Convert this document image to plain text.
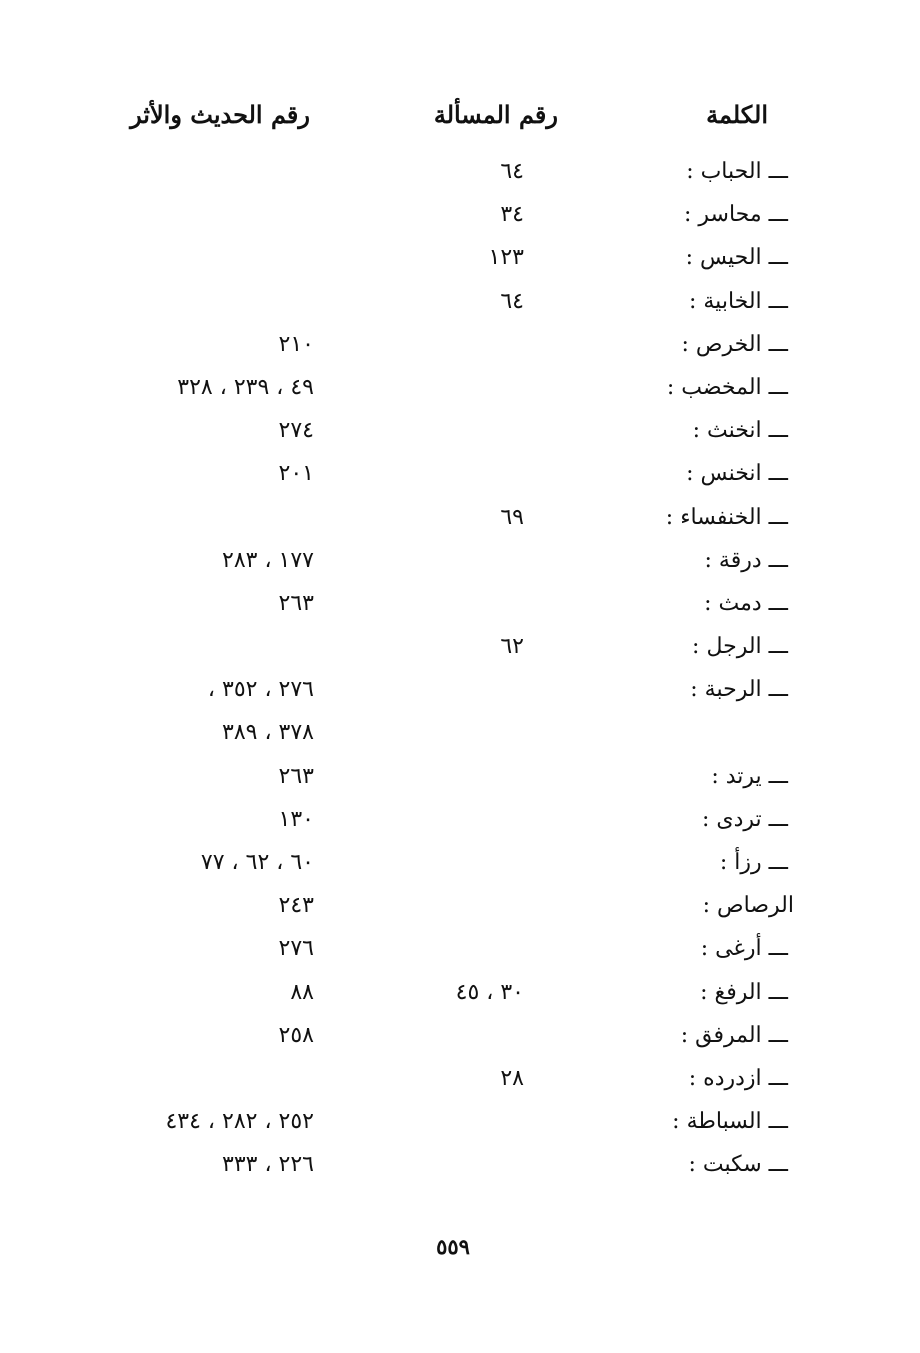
الكلمة
رقم المسألة
رقم الحديث والأثر
ـــ الحباب :
٦٤
ـــ محاسر :
٣٤
ـــ الحيس :
١٢٣
ـــ الخابية :
٦٤
ـــ الخرص :
٢١٠
ـــ المخضب :
٤٩ ، ٢٣٩ ، ٣٢٨
ـــ انخنث :
٢٧٤
ـــ انخنس :
٢٠١
ـــ الخنفساء :
٦٩
ـــ درقة :
١٧٧ ، ٢٨٣
ـــ دمث :
٢٦٣
ـــ الرجل :
٦٢
ـــ الرحبة :
٢٧٦ ، ٣٥٢ ،
٣٧٨ ، ٣٨٩
ـــ يرتد :
٢٦٣
ـــ تردى :
١٣٠
ـــ رزأ :
٦٠ ، ٦٢ ، ٧٧
الرصاص :
٢٤٣
ـــ أرغى :
٢٧٦
ـــ الرفغ :
٣٠ ، ٤٥
٨٨
ـــ المرفق :
٢٥٨
ـــ ازدرده :
٢٨
ـــ السباطة :
٢٥٢ ، ٢٨٢ ، ٤٣٤
ـــ سكبت :
٢٢٦ ، ٣٣٣
٥٥٩
